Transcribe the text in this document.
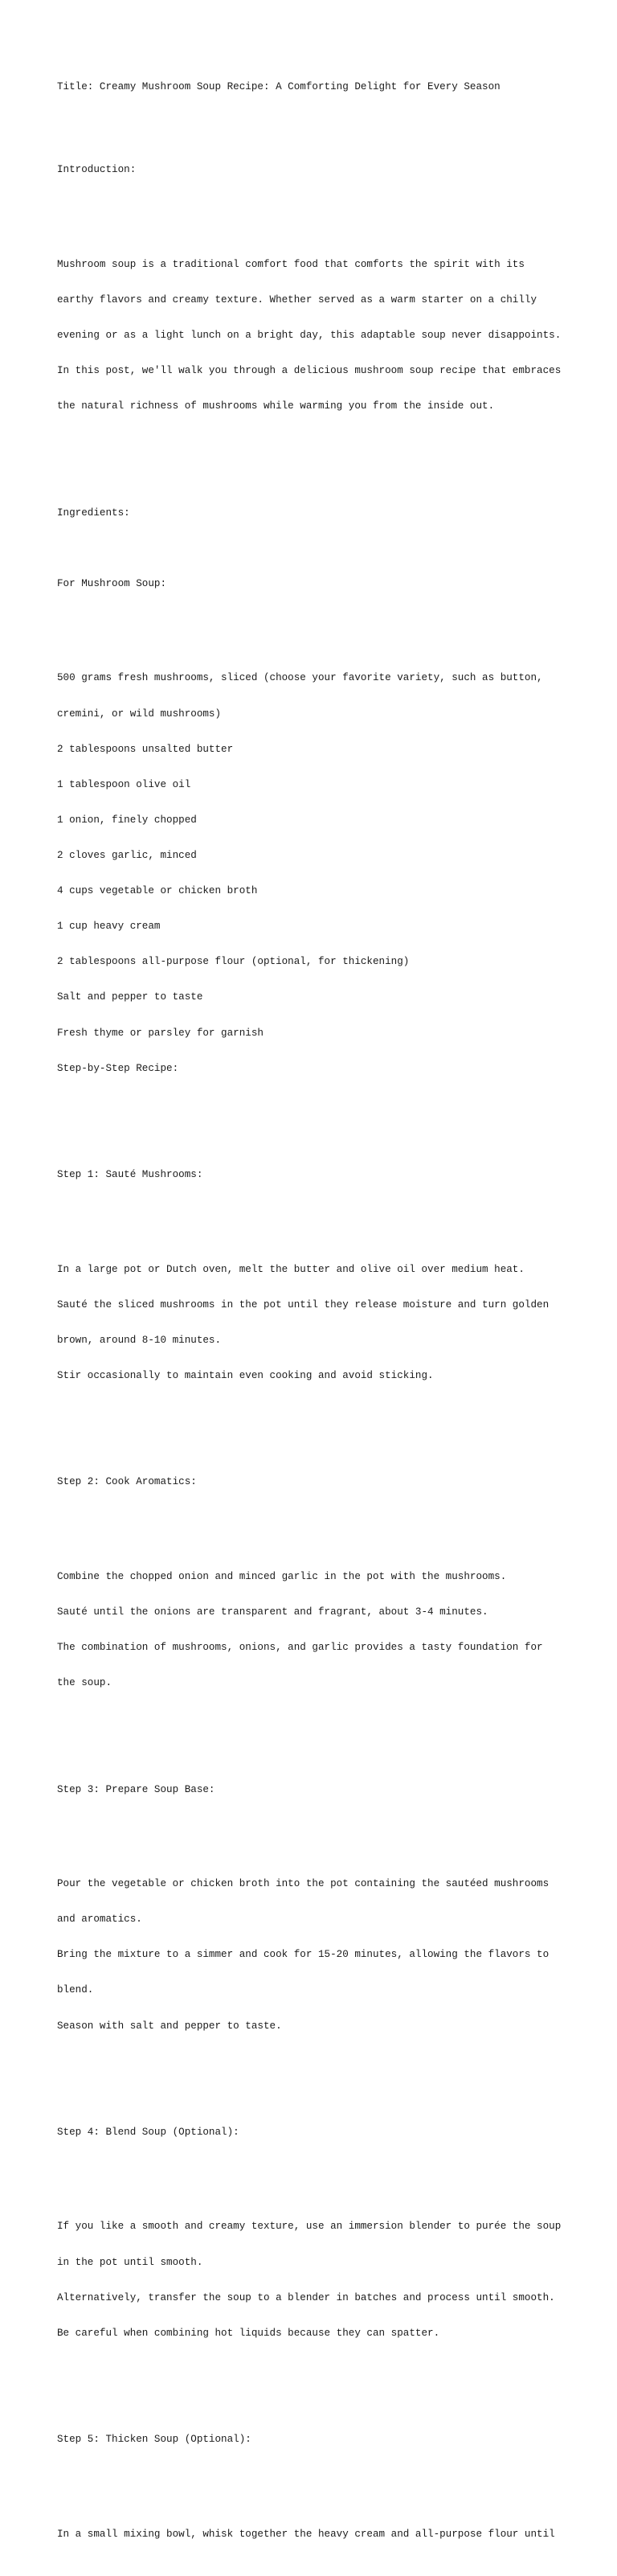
Title: Creamy Mushroom Soup Recipe: A Comforting Delight for Every Season

Introduction:

Mushroom soup is a traditional comfort food that comforts the spirit with its

earthy flavors and creamy texture. Whether served as a warm starter on a chilly

evening or as a light lunch on a bright day, this adaptable soup never disappoints.

In this post, we'll walk you through a delicious mushroom soup recipe that embraces

the natural richness of mushrooms while warming you from the inside out.

Ingredients:

For Mushroom Soup:

500 grams fresh mushrooms, sliced (choose your favorite variety, such as button,

cremini, or wild mushrooms)

2 tablespoons unsalted butter

1 tablespoon olive oil

1 onion, finely chopped

2 cloves garlic, minced

4 cups vegetable or chicken broth

1 cup heavy cream

2 tablespoons all-purpose flour (optional, for thickening)

Salt and pepper to taste

Fresh thyme or parsley for garnish

Step-by-Step Recipe:

Step 1: Sauté Mushrooms:

In a large pot or Dutch oven, melt the butter and olive oil over medium heat.

Sauté the sliced mushrooms in the pot until they release moisture and turn golden

brown, around 8-10 minutes.

Stir occasionally to maintain even cooking and avoid sticking.

Step 2: Cook Aromatics:

Combine the chopped onion and minced garlic in the pot with the mushrooms.

Sauté until the onions are transparent and fragrant, about 3-4 minutes.

The combination of mushrooms, onions, and garlic provides a tasty foundation for

the soup.

Step 3: Prepare Soup Base:

Pour the vegetable or chicken broth into the pot containing the sautéed mushrooms

and aromatics.

Bring the mixture to a simmer and cook for 15-20 minutes, allowing the flavors to

blend.

Season with salt and pepper to taste.

Step 4: Blend Soup (Optional):

If you like a smooth and creamy texture, use an immersion blender to purée the soup

in the pot until smooth.

Alternatively, transfer the soup to a blender in batches and process until smooth.

Be careful when combining hot liquids because they can spatter.

Step 5: Thicken Soup (Optional):

In a small mixing bowl, whisk together the heavy cream and all-purpose flour until
